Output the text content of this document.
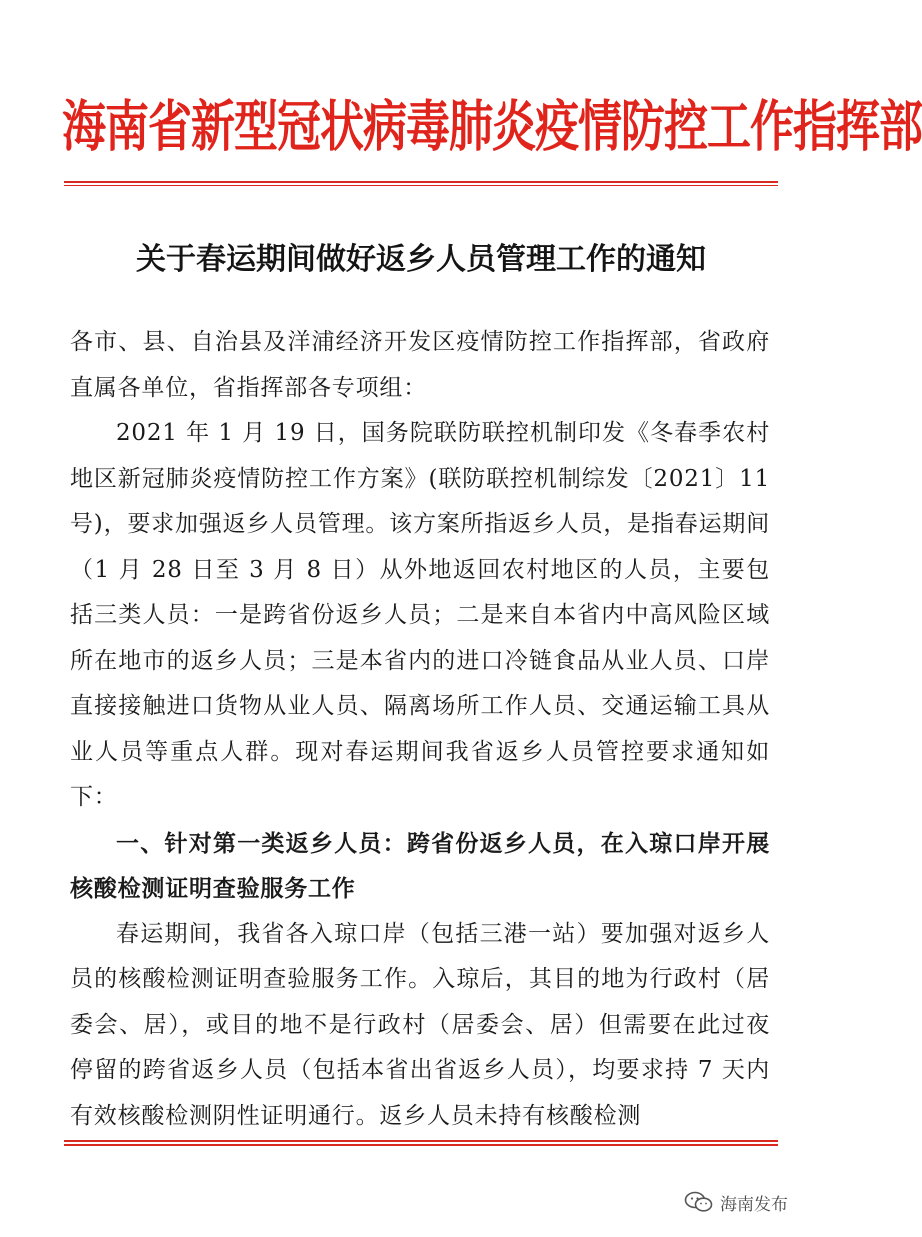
海南省新型冠状病毒肺炎疫情防控工作指挥部
关于春运期间做好返乡人员管理工作的通知

各市、县、自治县及洋浦经济开发区疫情防控工作指挥部，省政府直属各单位，省指挥部各专项组：

2021 年 1 月 19 日，国务院联防联控机制印发《冬春季农村地区新冠肺炎疫情防控工作方案》(联防联控机制综发〔2021〕11 号)，要求加强返乡人员管理。该方案所指返乡人员，是指春运期间（1 月 28 日至 3 月 8 日）从外地返回农村地区的人员，主要包括三类人员：一是跨省份返乡人员；二是来自本省内中高风险区域所在地市的返乡人员；三是本省内的进口冷链食品从业人员、口岸直接接触进口货物从业人员、隔离场所工作人员、交通运输工具从业人员等重点人群。现对春运期间我省返乡人员管控要求通知如下：

一、针对第一类返乡人员：跨省份返乡人员，在入琼口岸开展核酸检测证明查验服务工作

春运期间，我省各入琼口岸（包括三港一站）要加强对返乡人员的核酸检测证明查验服务工作。入琼后，其目的地为行政村（居委会、居），或目的地不是行政村（居委会、居）但需要在此过夜停留的跨省返乡人员（包括本省出省返乡人员），均要求持 7 天内有效核酸检测阴性证明通行。返乡人员未持有核酸检测

海南发布
